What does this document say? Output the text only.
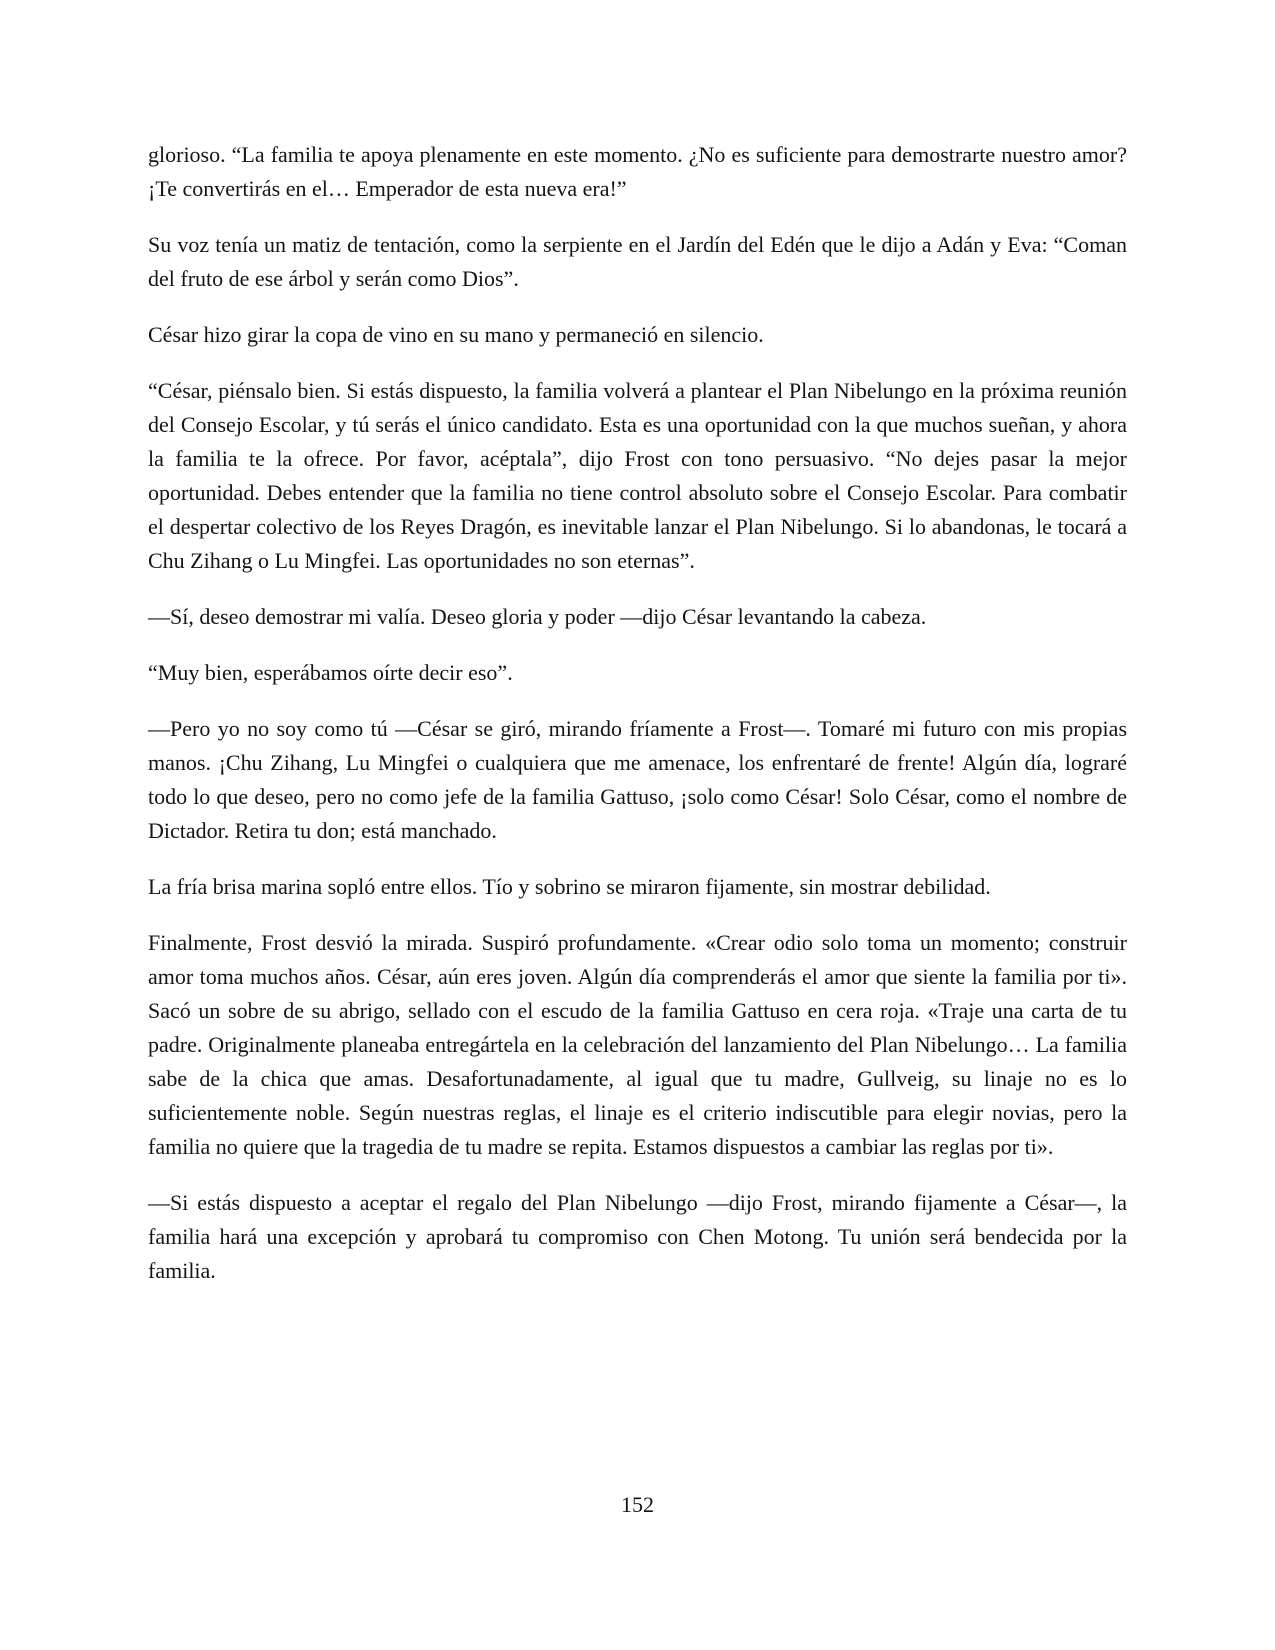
glorioso. “La familia te apoya plenamente en este momento. ¿No es suficiente para demostrarte nuestro amor? ¡Te convertirás en el… Emperador de esta nueva era!”

Su voz tenía un matiz de tentación, como la serpiente en el Jardín del Edén que le dijo a Adán y Eva: “Coman del fruto de ese árbol y serán como Dios”.

César hizo girar la copa de vino en su mano y permaneció en silencio.

“César, piénsalo bien. Si estás dispuesto, la familia volverá a plantear el Plan Nibelungo en la próxima reunión del Consejo Escolar, y tú serás el único candidato. Esta es una oportunidad con la que muchos sueñan, y ahora la familia te la ofrece. Por favor, acéptala”, dijo Frost con tono persuasivo. “No dejes pasar la mejor oportunidad. Debes entender que la familia no tiene control absoluto sobre el Consejo Escolar. Para combatir el despertar colectivo de los Reyes Dragón, es inevitable lanzar el Plan Nibelungo. Si lo abandonas, le tocará a Chu Zihang o Lu Mingfei. Las oportunidades no son eternas”.

—Sí, deseo demostrar mi valía. Deseo gloria y poder —dijo César levantando la cabeza.

“Muy bien, esperábamos oírte decir eso”.

—Pero yo no soy como tú —César se giró, mirando fríamente a Frost—. Tomaré mi futuro con mis propias manos. ¡Chu Zihang, Lu Mingfei o cualquiera que me amenace, los enfrentaré de frente! Algún día, lograré todo lo que deseo, pero no como jefe de la familia Gattuso, ¡solo como César! Solo César, como el nombre de Dictador. Retira tu don; está manchado.

La fría brisa marina sopló entre ellos. Tío y sobrino se miraron fijamente, sin mostrar debilidad.

Finalmente, Frost desvió la mirada. Suspiró profundamente. «Crear odio solo toma un momento; construir amor toma muchos años. César, aún eres joven. Algún día comprenderás el amor que siente la familia por ti». Sacó un sobre de su abrigo, sellado con el escudo de la familia Gattuso en cera roja. «Traje una carta de tu padre. Originalmente planeaba entregártela en la celebración del lanzamiento del Plan Nibelungo… La familia sabe de la chica que amas. Desafortunadamente, al igual que tu madre, Gullveig, su linaje no es lo suficientemente noble. Según nuestras reglas, el linaje es el criterio indiscutible para elegir novias, pero la familia no quiere que la tragedia de tu madre se repita. Estamos dispuestos a cambiar las reglas por ti».

—Si estás dispuesto a aceptar el regalo del Plan Nibelungo —dijo Frost, mirando fijamente a César—, la familia hará una excepción y aprobará tu compromiso con Chen Motong. Tu unión será bendecida por la familia.

152
